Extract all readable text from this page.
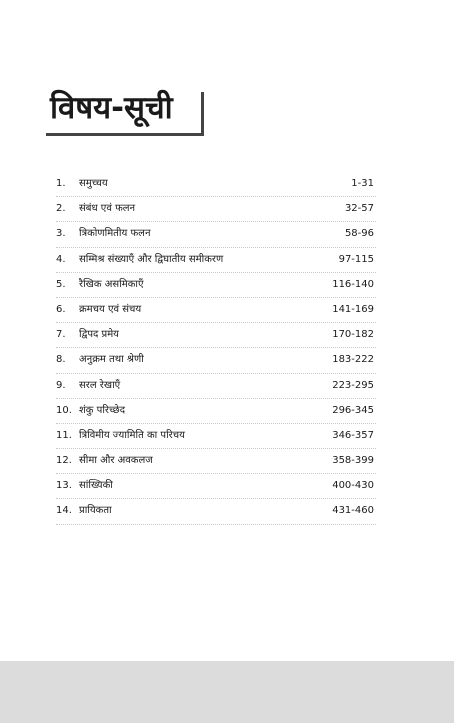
विषय-सूची
1.	समुच्चय	1-31
2.	संबंध एवं फलन	32-57
3.	त्रिकोणमितीय फलन	58-96
4.	सम्मिश्र संख्याएँ और द्विघातीय समीकरण	97-115
5.	रैखिक असमिकाएँ	116-140
6.	क्रमचय एवं संचय	141-169
7.	द्विपद प्रमेय	170-182
8.	अनुक्रम तथा श्रेणी	183-222
9.	सरल रेखाएँ	223-295
10. शंकु परिच्छेद	296-345
11. त्रिविमीय ज्यामिति का परिचय	346-357
12. सीमा और अवकलज	358-399
13. सांख्यिकी	400-430
14. प्रायिकता	431-460
